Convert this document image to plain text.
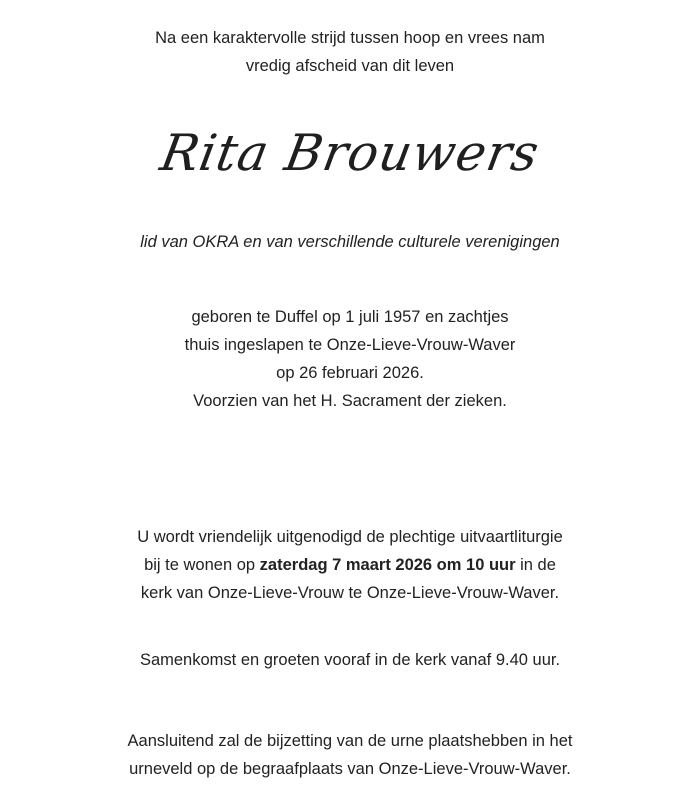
Na een karaktervolle strijd tussen hoop en vrees nam
vredig afscheid van dit leven
Rita Brouwers
lid van OKRA en van verschillende culturele verenigingen
geboren te Duffel op 1 juli 1957 en zachtjes
thuis ingeslapen te Onze-Lieve-Vrouw-Waver
op 26 februari 2026.
Voorzien van het H. Sacrament der zieken.
U wordt vriendelijk uitgenodigd de plechtige uitvaartliturgie
bij te wonen op zaterdag 7 maart 2026 om 10 uur in de
kerk van Onze-Lieve-Vrouw te Onze-Lieve-Vrouw-Waver.
Samenkomst en groeten vooraf in de kerk vanaf 9.40 uur.
Aansluitend zal de bijzetting van de urne plaatshebben in het
urneveld op de begraafplaats van Onze-Lieve-Vrouw-Waver.
